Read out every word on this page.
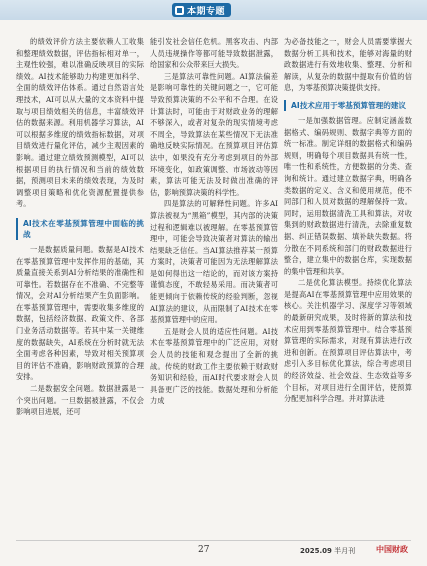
本期专题

的绩效评价方法主要依赖人工收集和整理绩效数据，评估指标相对单一，主观性较强，难以准确反映项目的实际绩效。AI技术能够助力构建更加科学、全面的绩效评估体系。通过自然语言处理技术，AI可以从大量的文本资料中提取与项目绩效相关的信息，丰富绩效评估的数据来源。利用机器学习算法，AI可以根据多维度的绩效指标数据，对项目绩效进行量化评估，减少主观因素的影响。通过建立绩效预测模型，AI可以根据项目的执行情况和当前的绩效数据，预测项目未来的绩效表现，为及时调整项目策略和优化资源配置提供参考。

AI技术在零基预算管理中面临的挑战

一是数据质量问题。数据是AI技术在零基预算管理中发挥作用的基础，其质量直接关系到AI分析结果的准确性和可靠性。若数据存在不准确、不完整等情况，会对AI分析结果产生负面影响。在零基预算管理中，需要收集多维度的数据，包括经济数据、政策文件、各部门业务活动数据等。若其中某一关键维度的数据缺失，AI系统在分析时就无法全面考虑各种因素，导致对相关预算项目的评估不准确，影响财政预算的合理安排。

二是数据安全问题。数据泄露是一个突出问题。一旦数据被泄露，不仅会影响项目进展，还可

能引发社会信任危机。黑客攻击、内部人员违规操作等都可能导致数据泄露，给国家和公众带来巨大损失。

三是算法可靠性问题。AI算法偏差是影响可靠性的关键问题之一，它可能导致预算决策的不公平和不合理。在设计算法时，可能由于对财政业务的理解不够深入，或者对复杂的现实情境考虑不周全，导致算法在某些情况下无法准确地反映实际情况。在预算项目评估算法中，如果没有充分考虑到项目的外部环境变化，如政策调整、市场波动等因素，算法可能无法及时做出准确的评估，影响预算决策的科学性。

四是算法的可解释性问题。许多AI算法被视为“黑箱”模型，其内部的决策过程和逻辑难以被理解。在零基预算管理中，可能会导致决策者对算法的输出结果缺乏信任。当AI算法推荐某一预算方案时，决策者可能因为无法理解算法是如何得出这一结论的，而对该方案持谨慎态度，不敢轻易采用。而决策者可能更倾向于依赖传统的经验判断，忽视AI算法的建议，从而限制了AI技术在零基预算管理中的应用。

五是财会人员的适应性问题。AI技术在零基预算管理中的广泛应用，对财会人员的技能和观念提出了全新的挑战。传统的财政工作主要依赖于财政财务知识和经验，而AI时代要求财会人员具备更广泛的技能。数据处理和分析能力成

为必备技能之一，财会人员需要掌握大数据分析工具和技术，能够对海量的财政数据进行有效地收集、整理、分析和解读，从复杂的数据中提取有价值的信息，为零基预算决策提供支持。

AI技术应用于零基预算管理的建议

一是加强数据管理。应制定涵盖数据格式、编码规则、数据字典等方面的统一标准。制定详细的数据格式和编码规则，明确每个项目数据具有统一性，唯一性和系统性，方便数据的分类、查询和统计。通过建立数据字典，明确各类数据的定义、含义和使用规范，使不同部门和人员对数据的理解保持一致。同时，运用数据清洗工具和算法，对收集到的财政数据进行清洗，去除重复数据、纠正错误数据、填补缺失数据。将分散在不同系统和部门的财政数据进行整合，建立集中的数据仓库，实现数据的集中管理和共享。

二是优化算法模型。持续优化算法是提高AI在零基预算管理中应用效果的核心。关注机器学习、深度学习等领域的最新研究成果，及时将新的算法和技术应用到零基预算管理中。结合零基预算管理的实际需求，对现有算法进行改进和创新。在预算项目评估算法中，考虑引入多目标优化算法，综合考虑项目的经济效益、社会效益、生态效益等多个目标，对项目进行全面评估，使预算分配更加科学合理。并对算法进

27	2025.09 半月刊	中国财政
